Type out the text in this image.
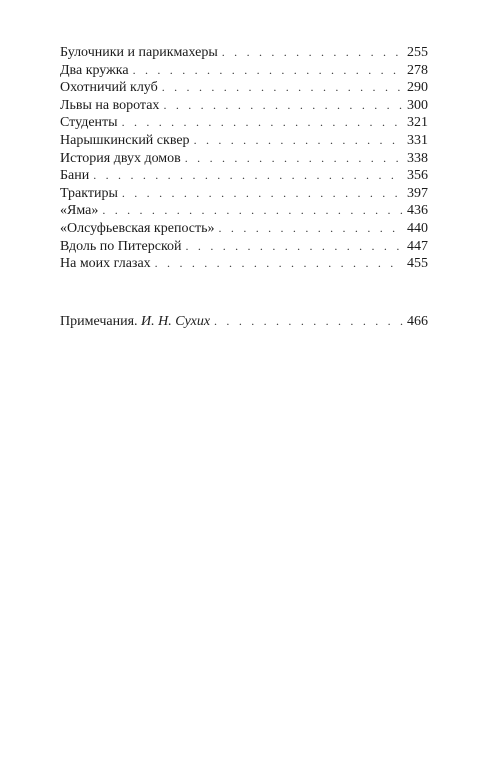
Булочники и парикмахеры . . .	255
Два кружка . . .	278
Охотничий клуб . . .	290
Львы на воротах . . .	300
Студенты . . .	321
Нарышкинский сквер . . .	331
История двух домов . . .	338
Бани . . .	356
Трактиры . . .	397
«Яма» . . .	436
«Олсуфьевская крепость» . . .	440
Вдоль по Питерской . . .	447
На моих глазах . . .	455
Примечания. И. Н. Сухих . . .	466
